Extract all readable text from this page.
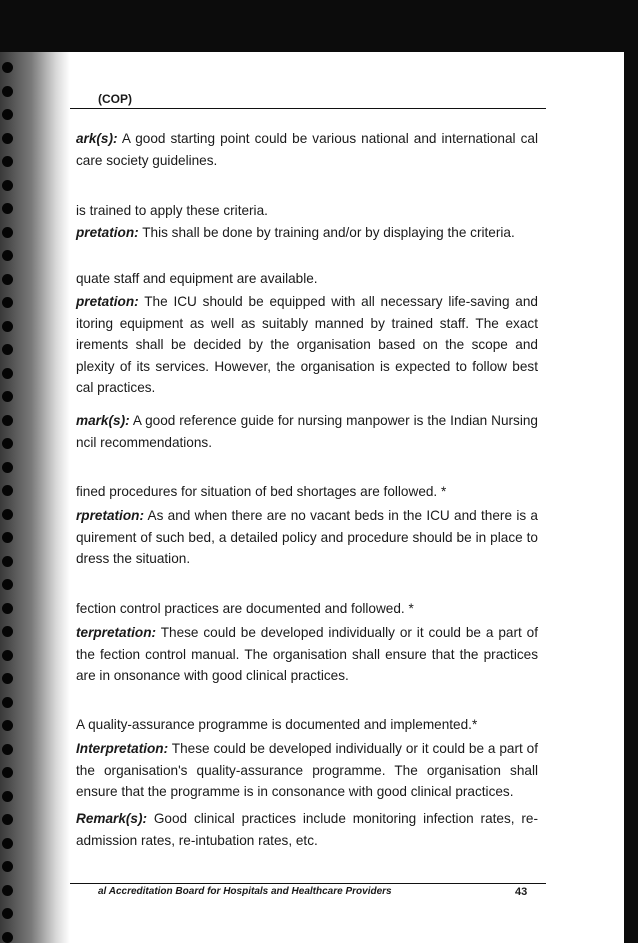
(COP)
ark(s): A good starting point could be various national and international cal care society guidelines.
is trained to apply these criteria.
pretation: This shall be done by training and/or by displaying the criteria.
quate staff and equipment are available.
pretation: The ICU should be equipped with all necessary life-saving and itoring equipment as well as suitably manned by trained staff. The exact irements shall be decided by the organisation based on the scope and plexity of its services. However, the organisation is expected to follow best cal practices.
mark(s): A good reference guide for nursing manpower is the Indian Nursing ncil recommendations.
fined procedures for situation of bed shortages are followed. *
rpretation: As and when there are no vacant beds in the ICU and there is a quirement of such bed, a detailed policy and procedure should be in place to dress the situation.
fection control practices are documented and followed. *
terpretation: These could be developed individually or it could be a part of the fection control manual. The organisation shall ensure that the practices are in onsonance with good clinical practices.
A quality-assurance programme is documented and implemented.*
Interpretation: These could be developed individually or it could be a part of the organisation's quality-assurance programme. The organisation shall ensure that the programme is in consonance with good clinical practices.
Remark(s): Good clinical practices include monitoring infection rates, re-admission rates, re-intubation rates, etc.
al Accreditation Board for Hospitals and Healthcare Providers	43
